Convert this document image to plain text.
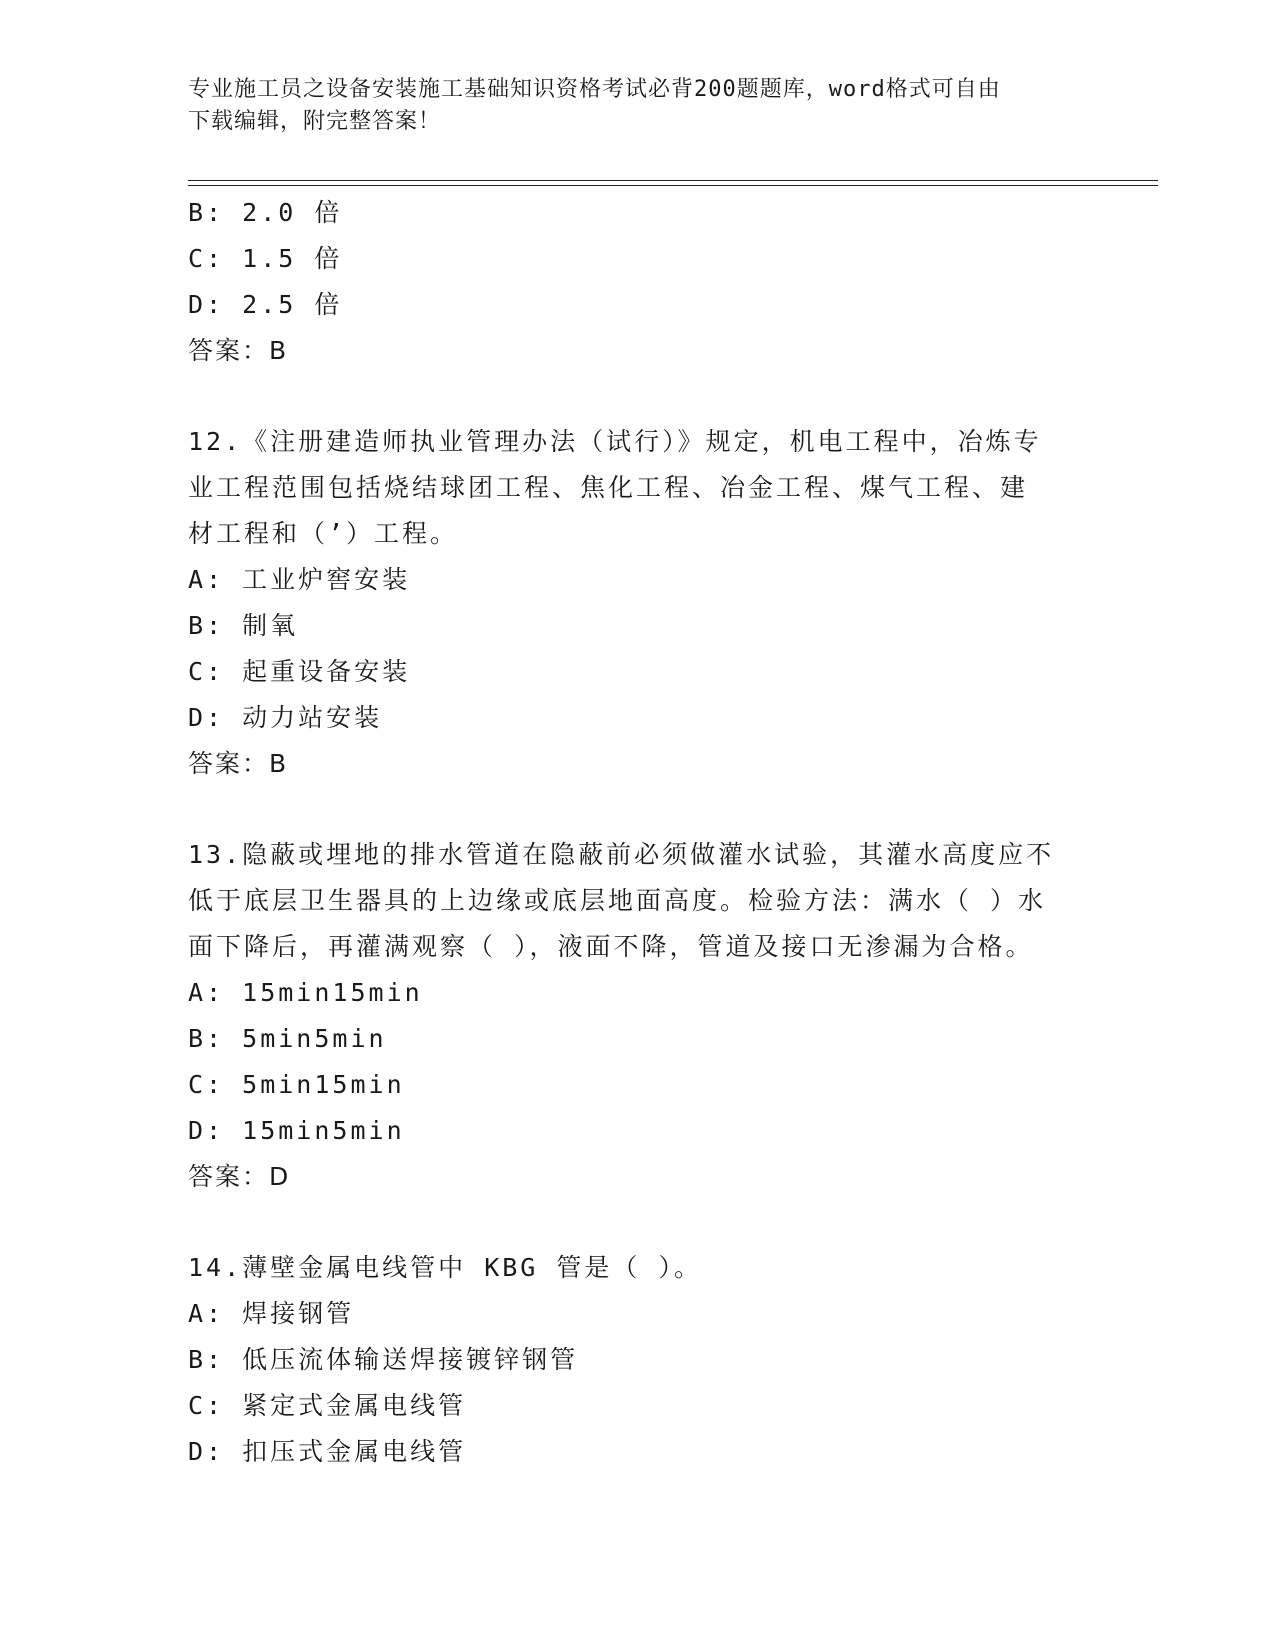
专业施工员之设备安装施工基础知识资格考试必背200题题库，word格式可自由
下载编辑，附完整答案！
B: 2.0 倍
C: 1.5 倍
D: 2.5 倍
答案：B
12.《注册建造师执业管理办法（试行）》规定，机电工程中，冶炼专
业工程范围包括烧结球团工程、焦化工程、冶金工程、煤气工程、建
材工程和（’）工程。
A: 工业炉窖安装
B: 制氧
C: 起重设备安装
D: 动力站安装
答案：B
13.隐蔽或埋地的排水管道在隐蔽前必须做灌水试验，其灌水高度应不
低于底层卫生器具的上边缘或底层地面高度。检验方法：满水（ ）水
面下降后，再灌满观察（ ），液面不降，管道及接口无渗漏为合格。
A: 15min15min
B: 5min5min
C: 5min15min
D: 15min5min
答案：D
14.薄壁金属电线管中 KBG 管是（ ）。
A: 焊接钢管
B: 低压流体输送焊接镀锌钢管
C: 紧定式金属电线管
D: 扣压式金属电线管
